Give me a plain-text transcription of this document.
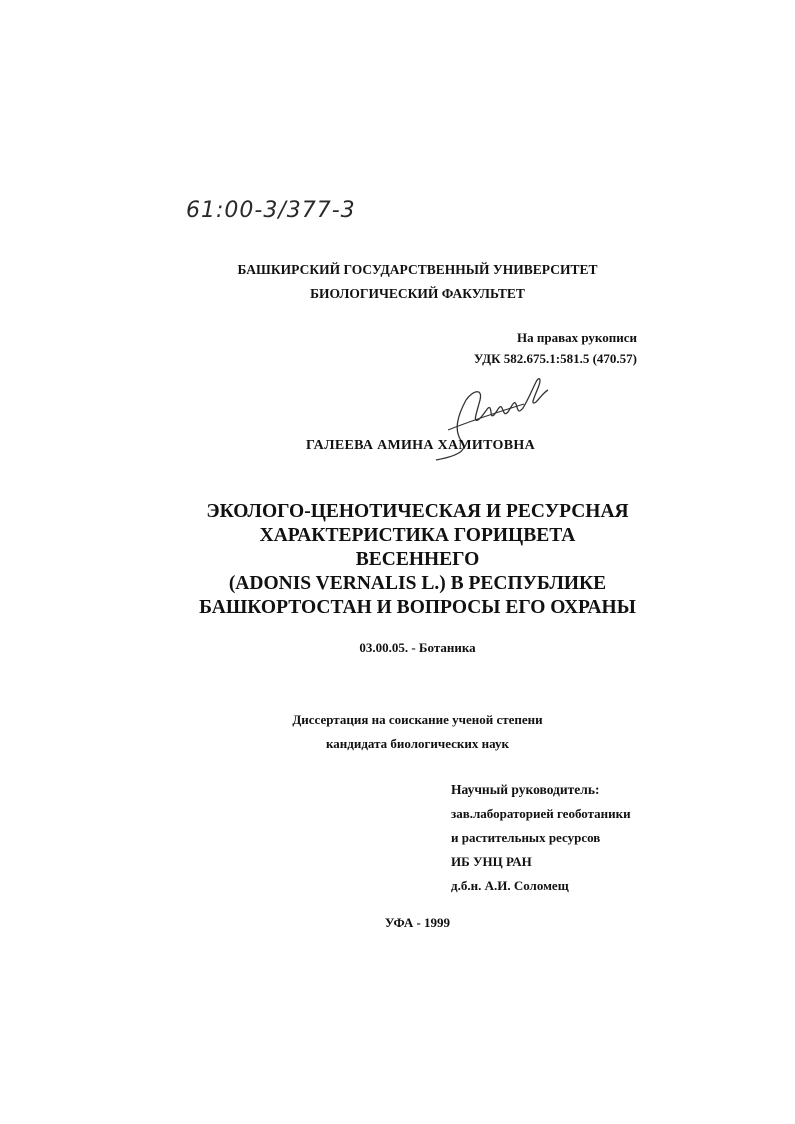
61:00-3/377-3
БАШКИРСКИЙ ГОСУДАРСТВЕННЫЙ УНИВЕРСИТЕТ
БИОЛОГИЧЕСКИЙ ФАКУЛЬТЕТ
На правах рукописи
УДК 582.675.1:581.5 (470.57)
ГАЛЕЕВА АМИНА ХАМИТОВНА
ЭКОЛОГО-ЦЕНОТИЧЕСКАЯ И РЕСУРСНАЯ
ХАРАКТЕРИСТИКА ГОРИЦВЕТА
ВЕСЕННЕГО
(ADONIS VERNALIS L.) В РЕСПУБЛИКЕ
БАШКОРТОСТАН И ВОПРОСЫ ЕГО ОХРАНЫ
03.00.05. - Ботаника
Диссертация на соискание ученой степени
кандидата биологических наук
Научный руководитель:
зав.лабораторией геоботаники
и растительных ресурсов
ИБ УНЦ РАН
д.б.н. А.И. Соломещ
УФА - 1999
